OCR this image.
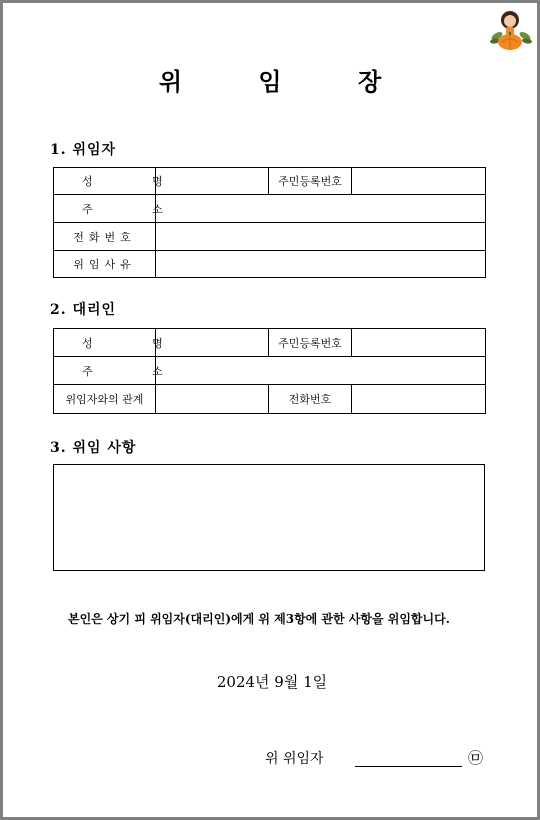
위 임 장
1. 위임자
성 명		주민등록번호	
주 소			
전화번호			
위임사유			
2. 대리인
성 명		주민등록번호	
주 소			
위임자와의 관계		전화번호	
3. 위임 사항
본인은 상기 피 위임자(대리인)에게 위 제3항에 관한 사항을 위임합니다.
2024년 9월 1일
위 위임자	㉤
